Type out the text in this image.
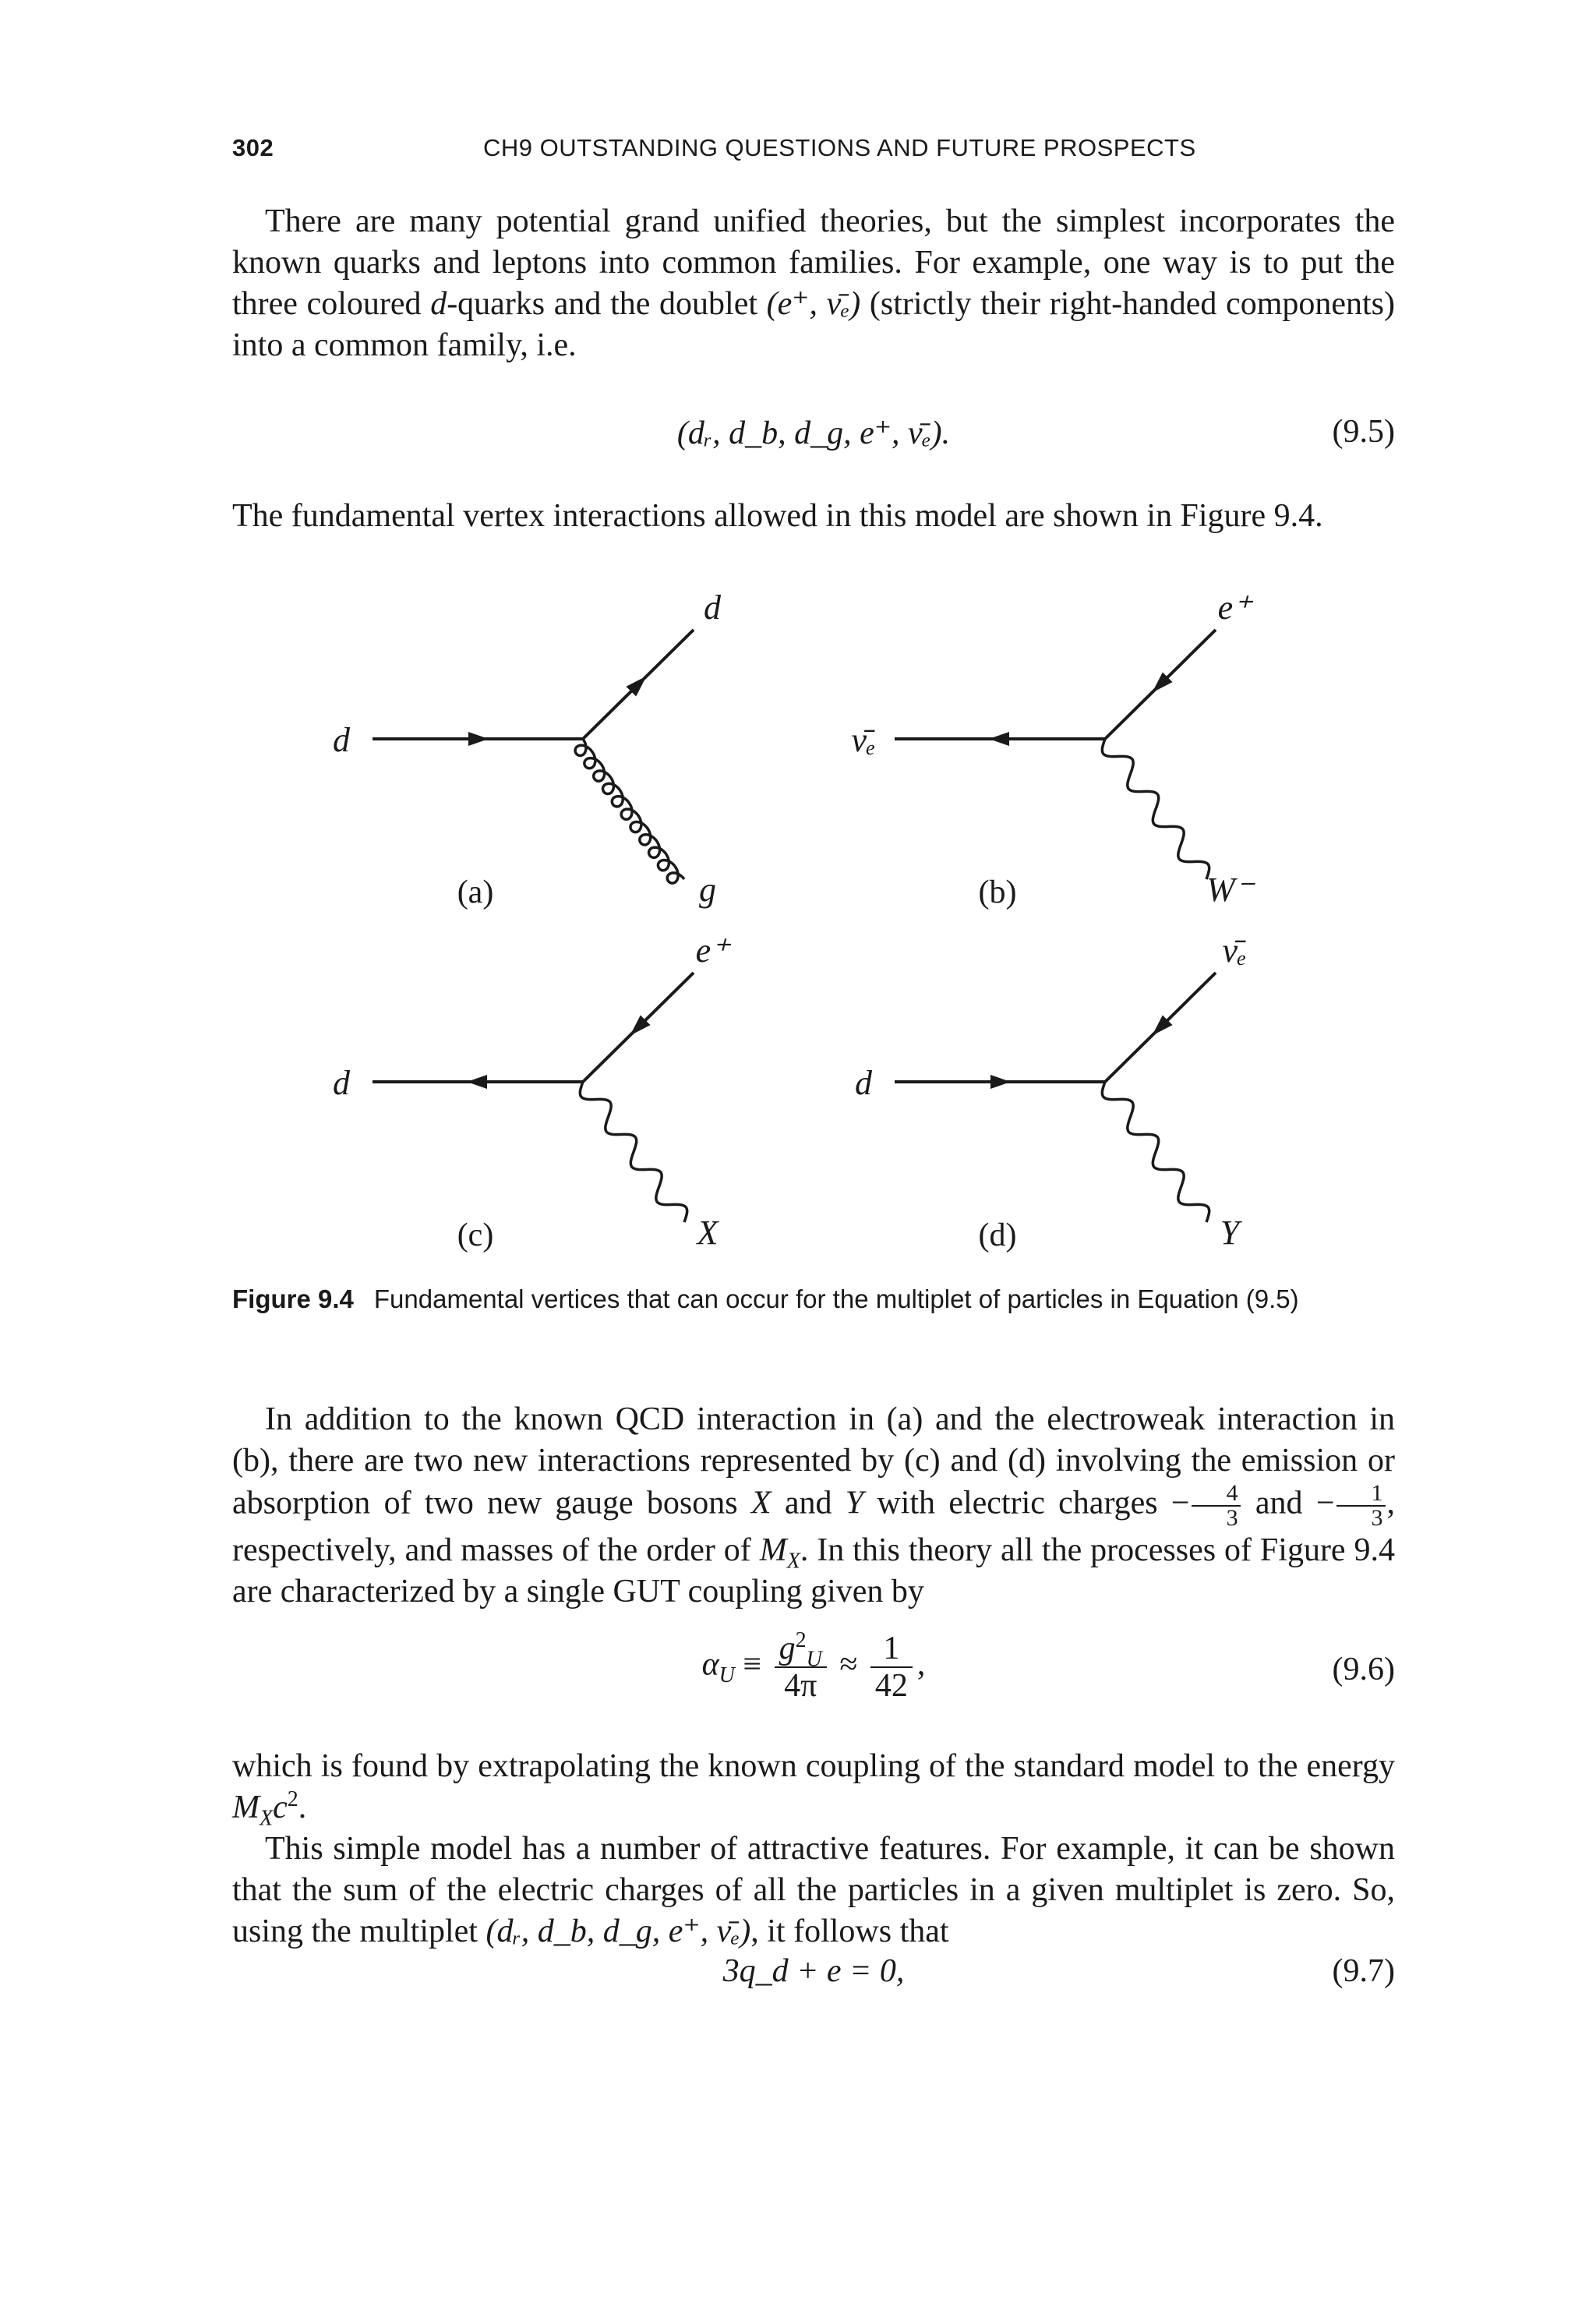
302	CH9 OUTSTANDING QUESTIONS AND FUTURE PROSPECTS

There are many potential grand unified theories, but the simplest incorporates the known quarks and leptons into common families. For example, one way is to put the three coloured d-quarks and the doublet (e⁺, ν̄ₑ) (strictly their right-handed components) into a common family, i.e.

(dᵣ, d_b, d_g, e⁺, ν̄ₑ).	(9.5)

The fundamental vertex interactions allowed in this model are shown in Figure 9.4.

d
d
g
(a)
ν̄ₑ
e⁺
W⁻
(b)
d
e⁺
X
(c)
d
ν̄ₑ
Y
(d)
Figure 9.4 Fundamental vertices that can occur for the multiplet of particles in Equation (9.5)

In addition to the known QCD interaction in (a) and the electroweak interaction in (b), there are two new interactions represented by (c) and (d) involving the emission or absorption of two new gauge bosons X and Y with electric charges − $\frac{4}{3}$ and − $\frac{1}{3}$ , respectively, and masses of the order of $M_X$. In this theory all the processes of Figure 9.4 are characterized by a single GUT coupling given by

$\alpha_U \equiv \frac{g^2_U}{4\pi} \approx \frac{1}{42}$ ,	(9.6)

which is found by extrapolating the known coupling of the standard model to the energy $M_Xc^2$.

This simple model has a number of attractive features. For example, it can be shown that the sum of the electric charges of all the particles in a given multiplet is zero. So, using the multiplet (dᵣ, d_b, d_g, e⁺, ν̄ₑ), it follows that

3q_d + e = 0,	(9.7)
